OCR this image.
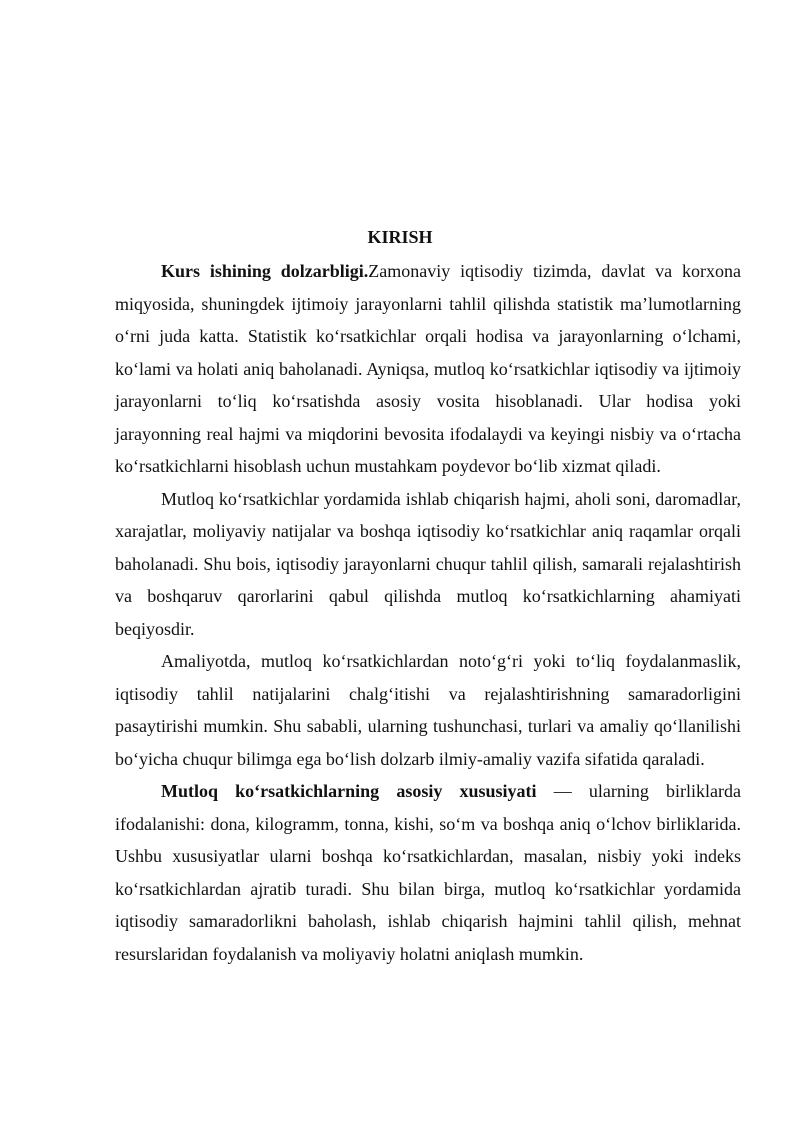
KIRISH

Kurs ishining dolzarbligi.Zamonaviy iqtisodiy tizimda, davlat va korxona miqyosida, shuningdek ijtimoiy jarayonlarni tahlil qilishda statistik ma’lumotlarning o‘rni juda katta. Statistik ko‘rsatkichlar orqali hodisa va jarayonlarning o‘lchami, ko‘lami va holati aniq baholanadi. Ayniqsa, mutloq ko‘rsatkichlar iqtisodiy va ijtimoiy jarayonlarni to‘liq ko‘rsatishda asosiy vosita hisoblanadi. Ular hodisa yoki jarayonning real hajmi va miqdorini bevosita ifodalaydi va keyingi nisbiy va o‘rtacha ko‘rsatkichlarni hisoblash uchun mustahkam poydevor bo‘lib xizmat qiladi.

Mutloq ko‘rsatkichlar yordamida ishlab chiqarish hajmi, aholi soni, daromadlar, xarajatlar, moliyaviy natijalar va boshqa iqtisodiy ko‘rsatkichlar aniq raqamlar orqali baholanadi. Shu bois, iqtisodiy jarayonlarni chuqur tahlil qilish, samarali rejalashtirish va boshqaruv qarorlarini qabul qilishda mutloq ko‘rsatkichlarning ahamiyati beqiyosdir.

Amaliyotda, mutloq ko‘rsatkichlardan noto‘g‘ri yoki to‘liq foydalanmaslik, iqtisodiy tahlil natijalarini chalg‘itishi va rejalashtirishning samaradorligini pasaytirishi mumkin. Shu sababli, ularning tushunchasi, turlari va amaliy qo‘llanilishi bo‘yicha chuqur bilimga ega bo‘lish dolzarb ilmiy-amaliy vazifa sifatida qaraladi.

Mutloq ko‘rsatkichlarning asosiy xususiyati — ularning birliklarda ifodalanishi: dona, kilogramm, tonna, kishi, so‘m va boshqa aniq o‘lchov birliklarida. Ushbu xususiyatlar ularni boshqa ko‘rsatkichlardan, masalan, nisbiy yoki indeks ko‘rsatkichlardan ajratib turadi. Shu bilan birga, mutloq ko‘rsatkichlar yordamida iqtisodiy samaradorlikni baholash, ishlab chiqarish hajmini tahlil qilish, mehnat resurslaridan foydalanish va moliyaviy holatni aniqlash mumkin.
